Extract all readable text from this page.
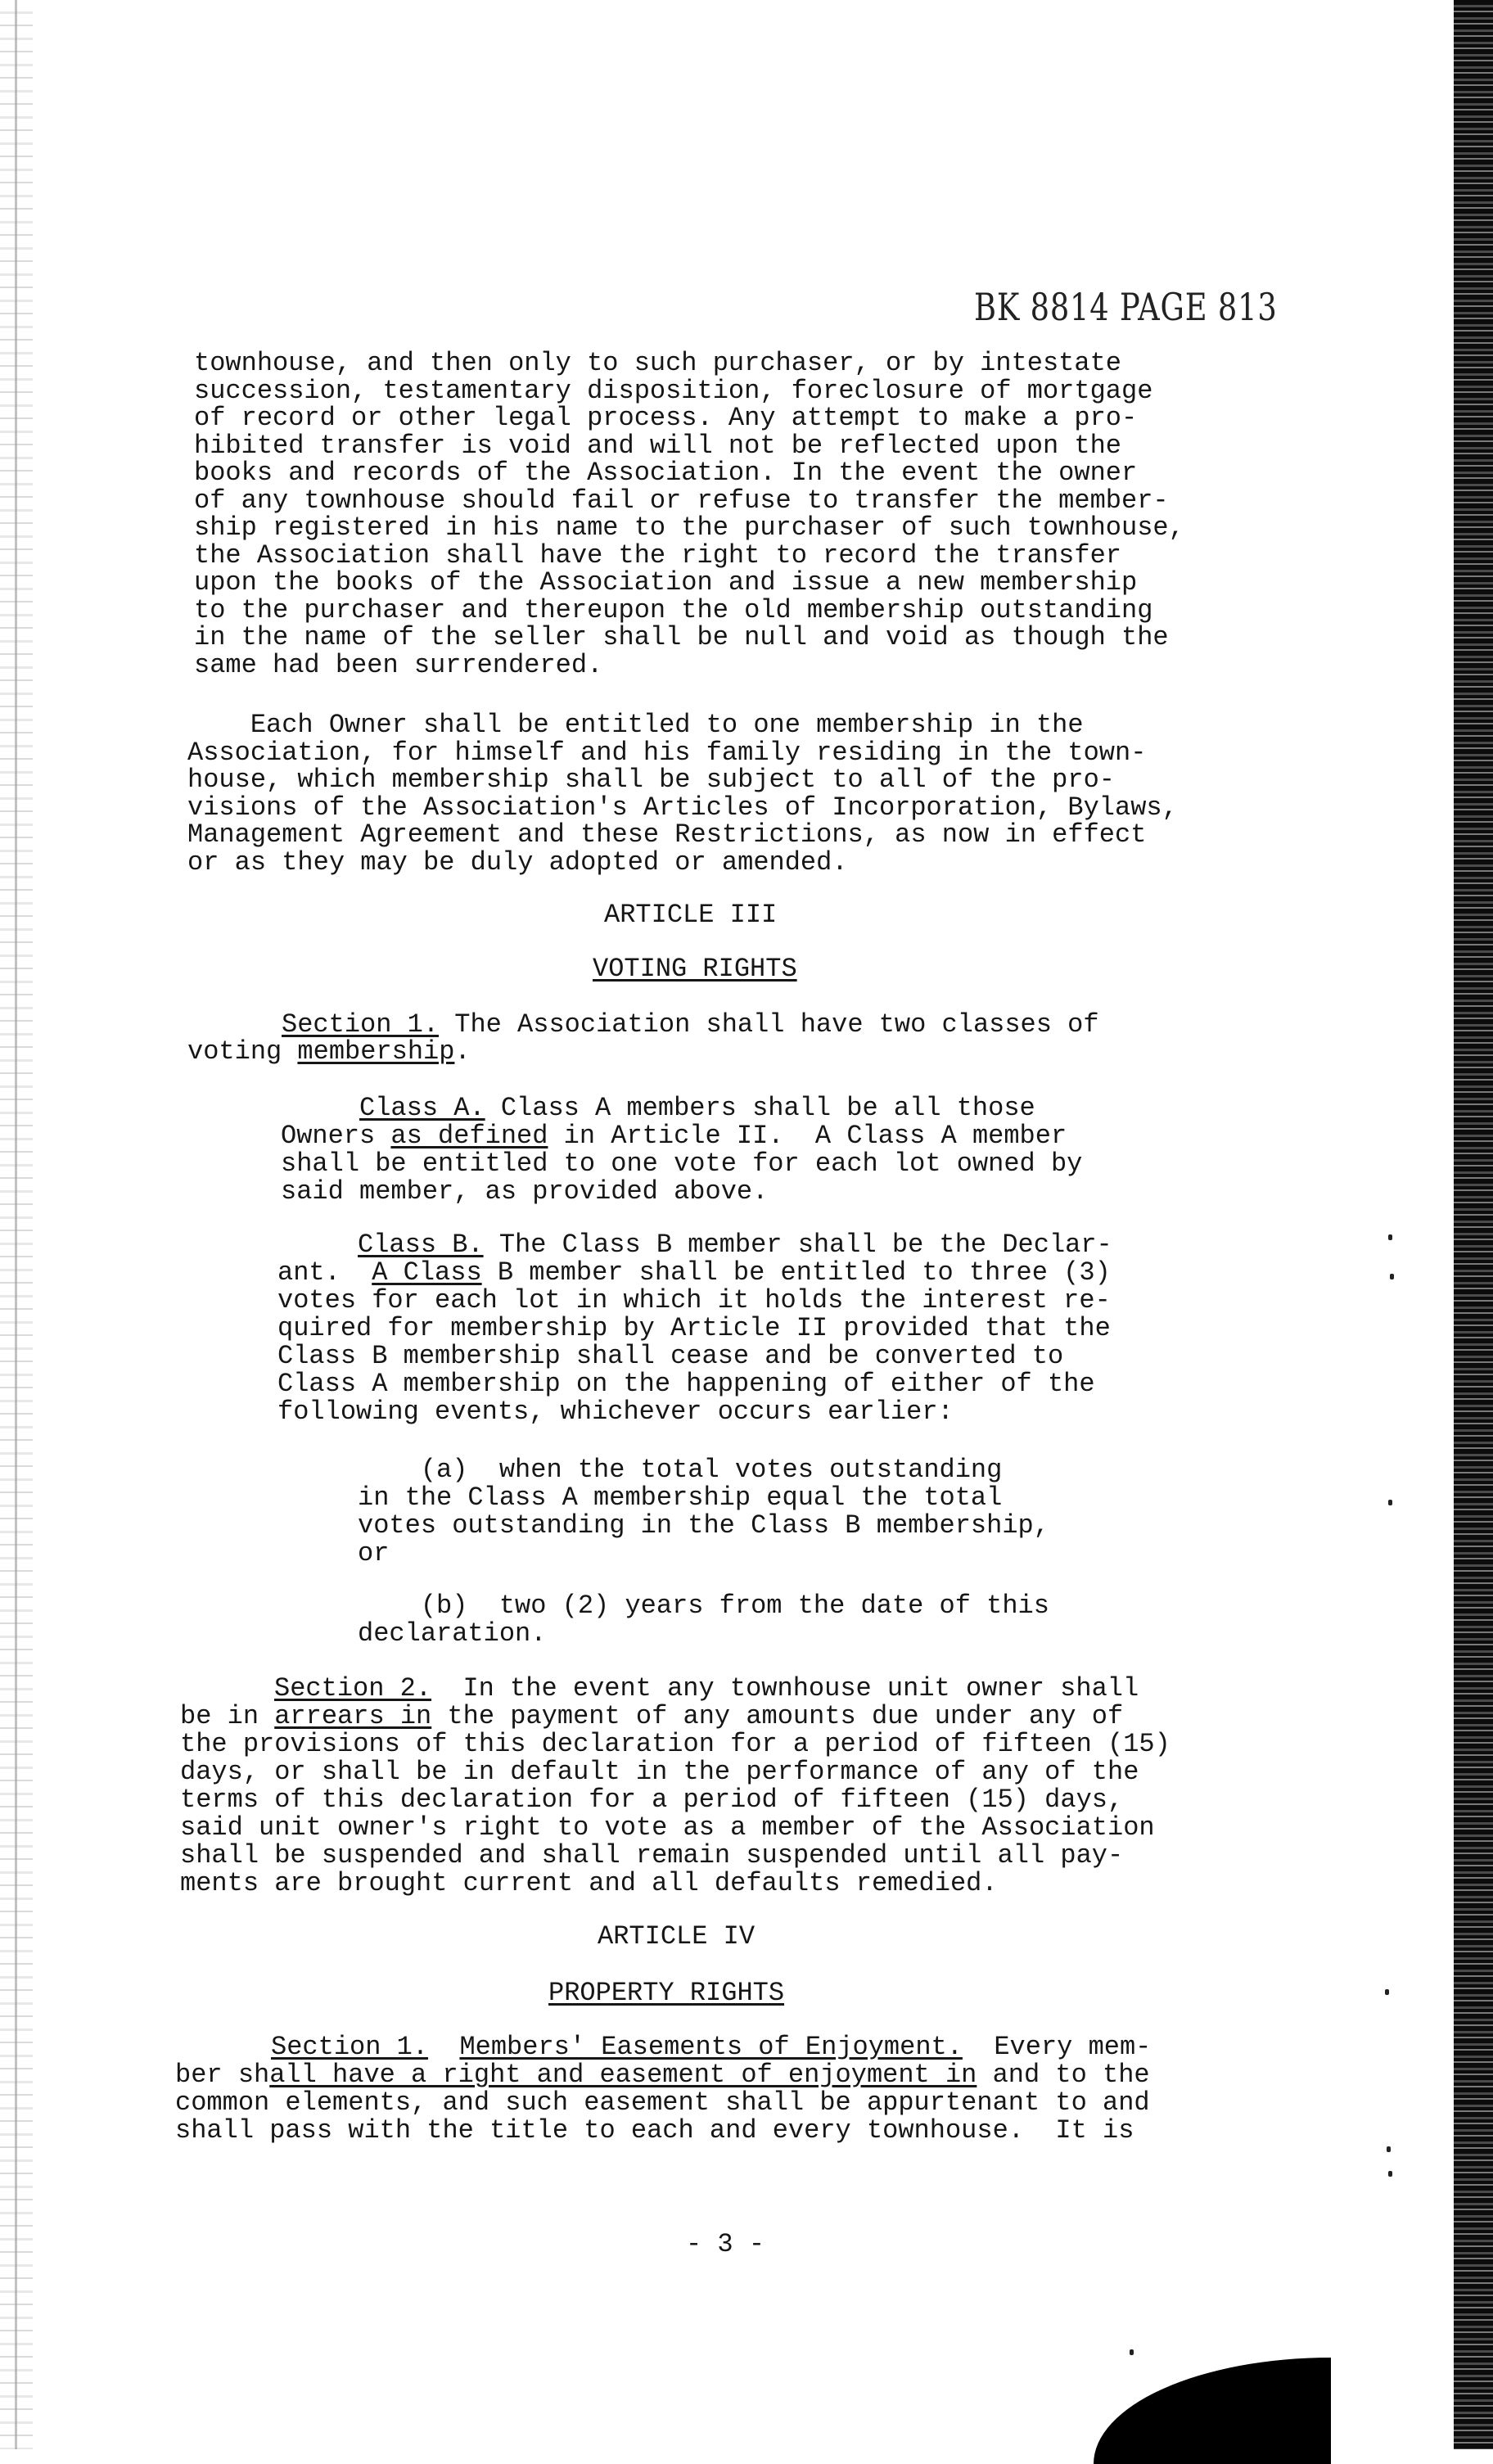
BK 8814 PAGE 813
townhouse, and then only to such purchaser, or by intestate
succession, testamentary disposition, foreclosure of mortgage
of record or other legal process. Any attempt to make a pro-
hibited transfer is void and will not be reflected upon the
books and records of the Association. In the event the owner
of any townhouse should fail or refuse to transfer the member-
ship registered in his name to the purchaser of such townhouse,
the Association shall have the right to record the transfer
upon the books of the Association and issue a new membership
to the purchaser and thereupon the old membership outstanding
in the name of the seller shall be null and void as though the
same had been surrendered.
Each Owner shall be entitled to one membership in the
Association, for himself and his family residing in the town-
house, which membership shall be subject to all of the pro-
visions of the Association's Articles of Incorporation, Bylaws,
Management Agreement and these Restrictions, as now in effect
or as they may be duly adopted or amended.
ARTICLE III
VOTING RIGHTS
Section 1. The Association shall have two classes of
voting membership.
Class A. Class A members shall be all those
Owners as defined in Article II.  A Class A member
shall be entitled to one vote for each lot owned by
said member, as provided above.
Class B. The Class B member shall be the Declar-
ant.  A Class B member shall be entitled to three (3)
votes for each lot in which it holds the interest re-
quired for membership by Article II provided that the
Class B membership shall cease and be converted to
Class A membership on the happening of either of the
following events, whichever occurs earlier:
(a)  when the total votes outstanding
in the Class A membership equal the total
votes outstanding in the Class B membership,
or
(b)  two (2) years from the date of this
declaration.
Section 2.  In the event any townhouse unit owner shall
be in arrears in the payment of any amounts due under any of
the provisions of this declaration for a period of fifteen (15)
days, or shall be in default in the performance of any of the
terms of this declaration for a period of fifteen (15) days,
said unit owner's right to vote as a member of the Association
shall be suspended and shall remain suspended until all pay-
ments are brought current and all defaults remedied.
ARTICLE IV
PROPERTY RIGHTS
Section 1. Members' Easements of Enjoyment.  Every mem-
ber shall have a right and easement of enjoyment in and to the
common elements, and such easement shall be appurtenant to and
shall pass with the title to each and every townhouse.  It is
- 3 -
